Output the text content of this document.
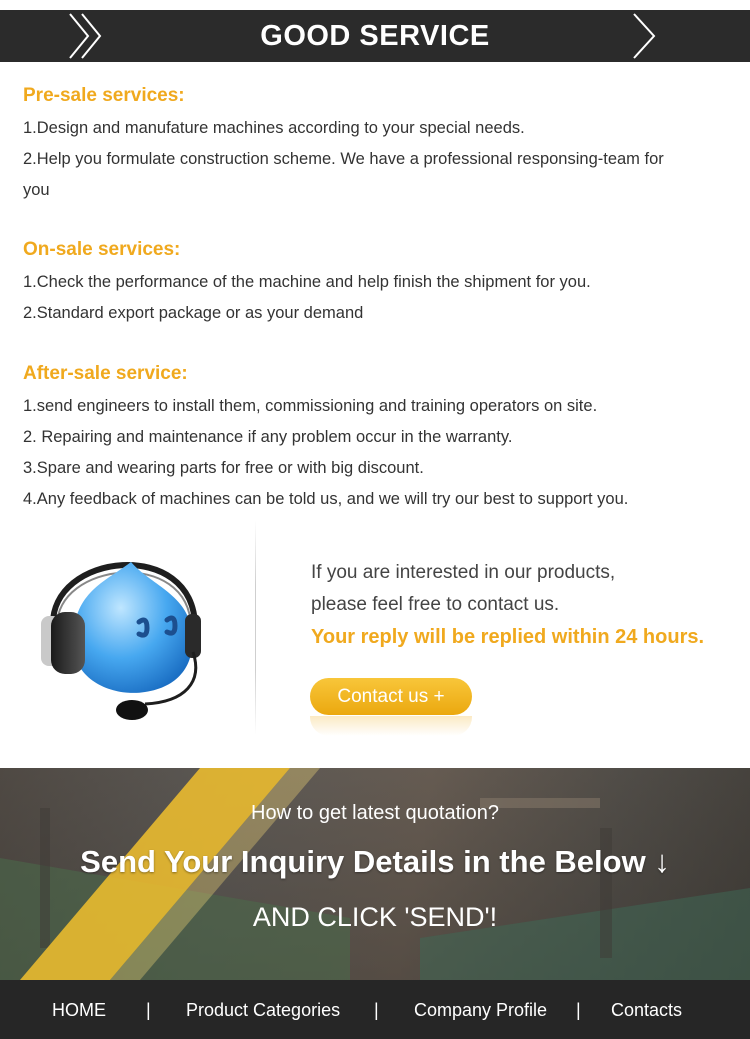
GOOD SERVICE
Pre-sale services:
1.Design and manufature machines according to your special needs.
2.Help you formulate construction scheme. We have a professional responsing-team for
you
On-sale services:
1.Check the performance of the machine and help finish the shipment for you.
2.Standard export package or as your demand
After-sale service:
1.send engineers to install them, commissioning and training operators on site.
2. Repairing and maintenance if any problem occur in the warranty.
3.Spare and wearing parts for free or with big discount.
4.Any feedback of machines can be told us, and we will try our best to support you.
If you are interested in our products,
please feel free to contact us.
Your reply will be replied within 24 hours.
Contact us +
How to get latest quotation?
Send Your Inquiry Details in the Below ↓
AND CLICK 'SEND'!
HOME | Product Categories | Company Profile | Contacts
